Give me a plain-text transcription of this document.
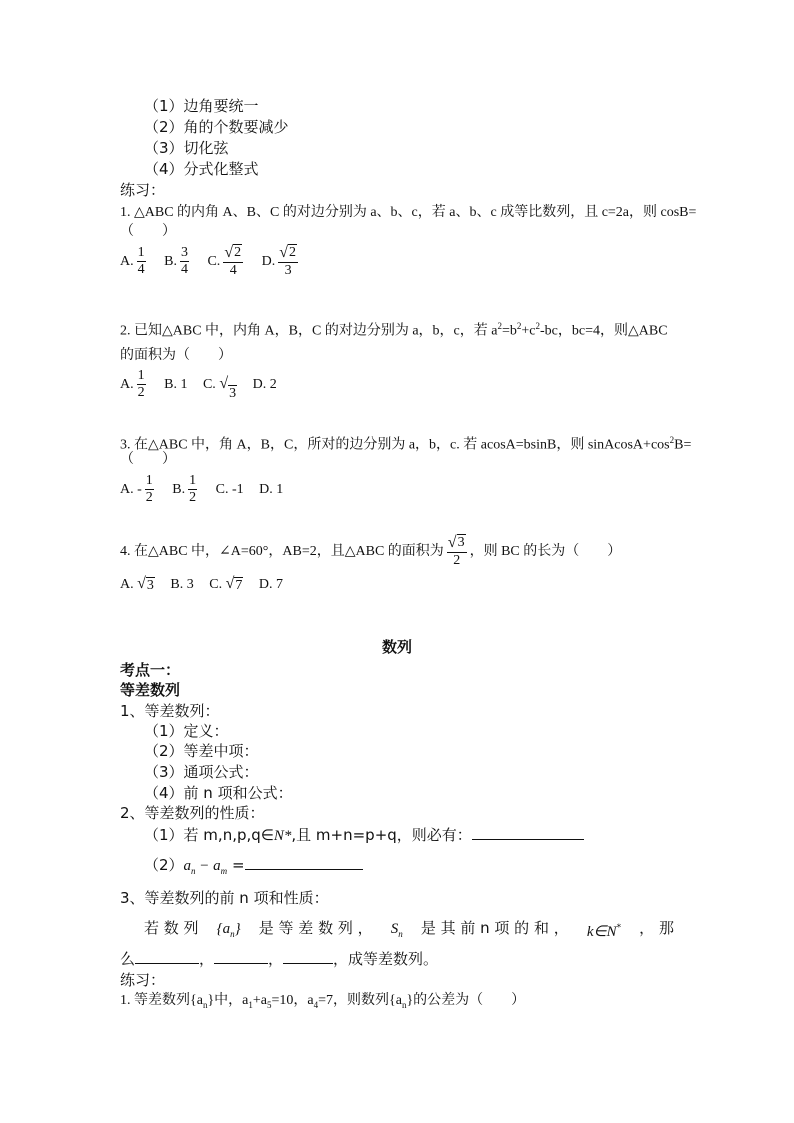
（1）边角要统一
（2）角的个数要减少
（3）切化弦
（4）分式化整式
练习：
1. △ABC 的内角 A、B、C 的对边分别为 a、b、c，若 a、b、c 成等比数列，且 c=2a，则 cosB=
（　　）
A. $\frac{1}{4} B$. $\frac{3}{4} C$. $\frac{√ 2}{4} D$. $\frac{√ 2}{3}$
2. 已知△ABC 中，内角 A，B，C 的对边分别为 a，b，c，若 $a^2=b^2+c^2-bc$，bc=4，则△ABC
的面积为（　　）
A. $\frac{1}{2} B$. 1 C. √
3
D. 2
3. 在△ABC 中，角 A，B，C，所对的边分别为 a，b，c. 若 acosA=bsinB，则 $sinAcosA+\cos^2B=$
（　　）
A. - $\frac{1}{2} B$. $\frac{1}{2} C$. -1 D. 1
4. 在△ABC 中，∠A=60°，AB=2，且△ABC 的面积为 $\frac{√ 3}{2}$ ，则 BC 的长为（　　）
A. √ 3 B. 3 C. √ 7 D. 7
数列
考点一：
等差数列
1、等差数列：
（1）定义：
（2）等差中项：
（3）通项公式：
（4）前 n 项和公式：
2、等差数列的性质：
（1）若 m,n,p,q∈N*,且 m+n=p+q，则必有：
$(2)a_n - a_m$ =
3、等差数列的前 n 项和性质：
若 数 列 $\{a_n\}$ 是 等 差 数 列 ， $S_n$ 是 其 前 n 项 的 和 ， k∈N* ， 那
么	，	，	，成等差数列。
练习：
1. 等差数列$\{a_n\}$中，$a_1+a_5=10$，$a_4=7$，则数列$\{a_n\}$的公差为（　　）
